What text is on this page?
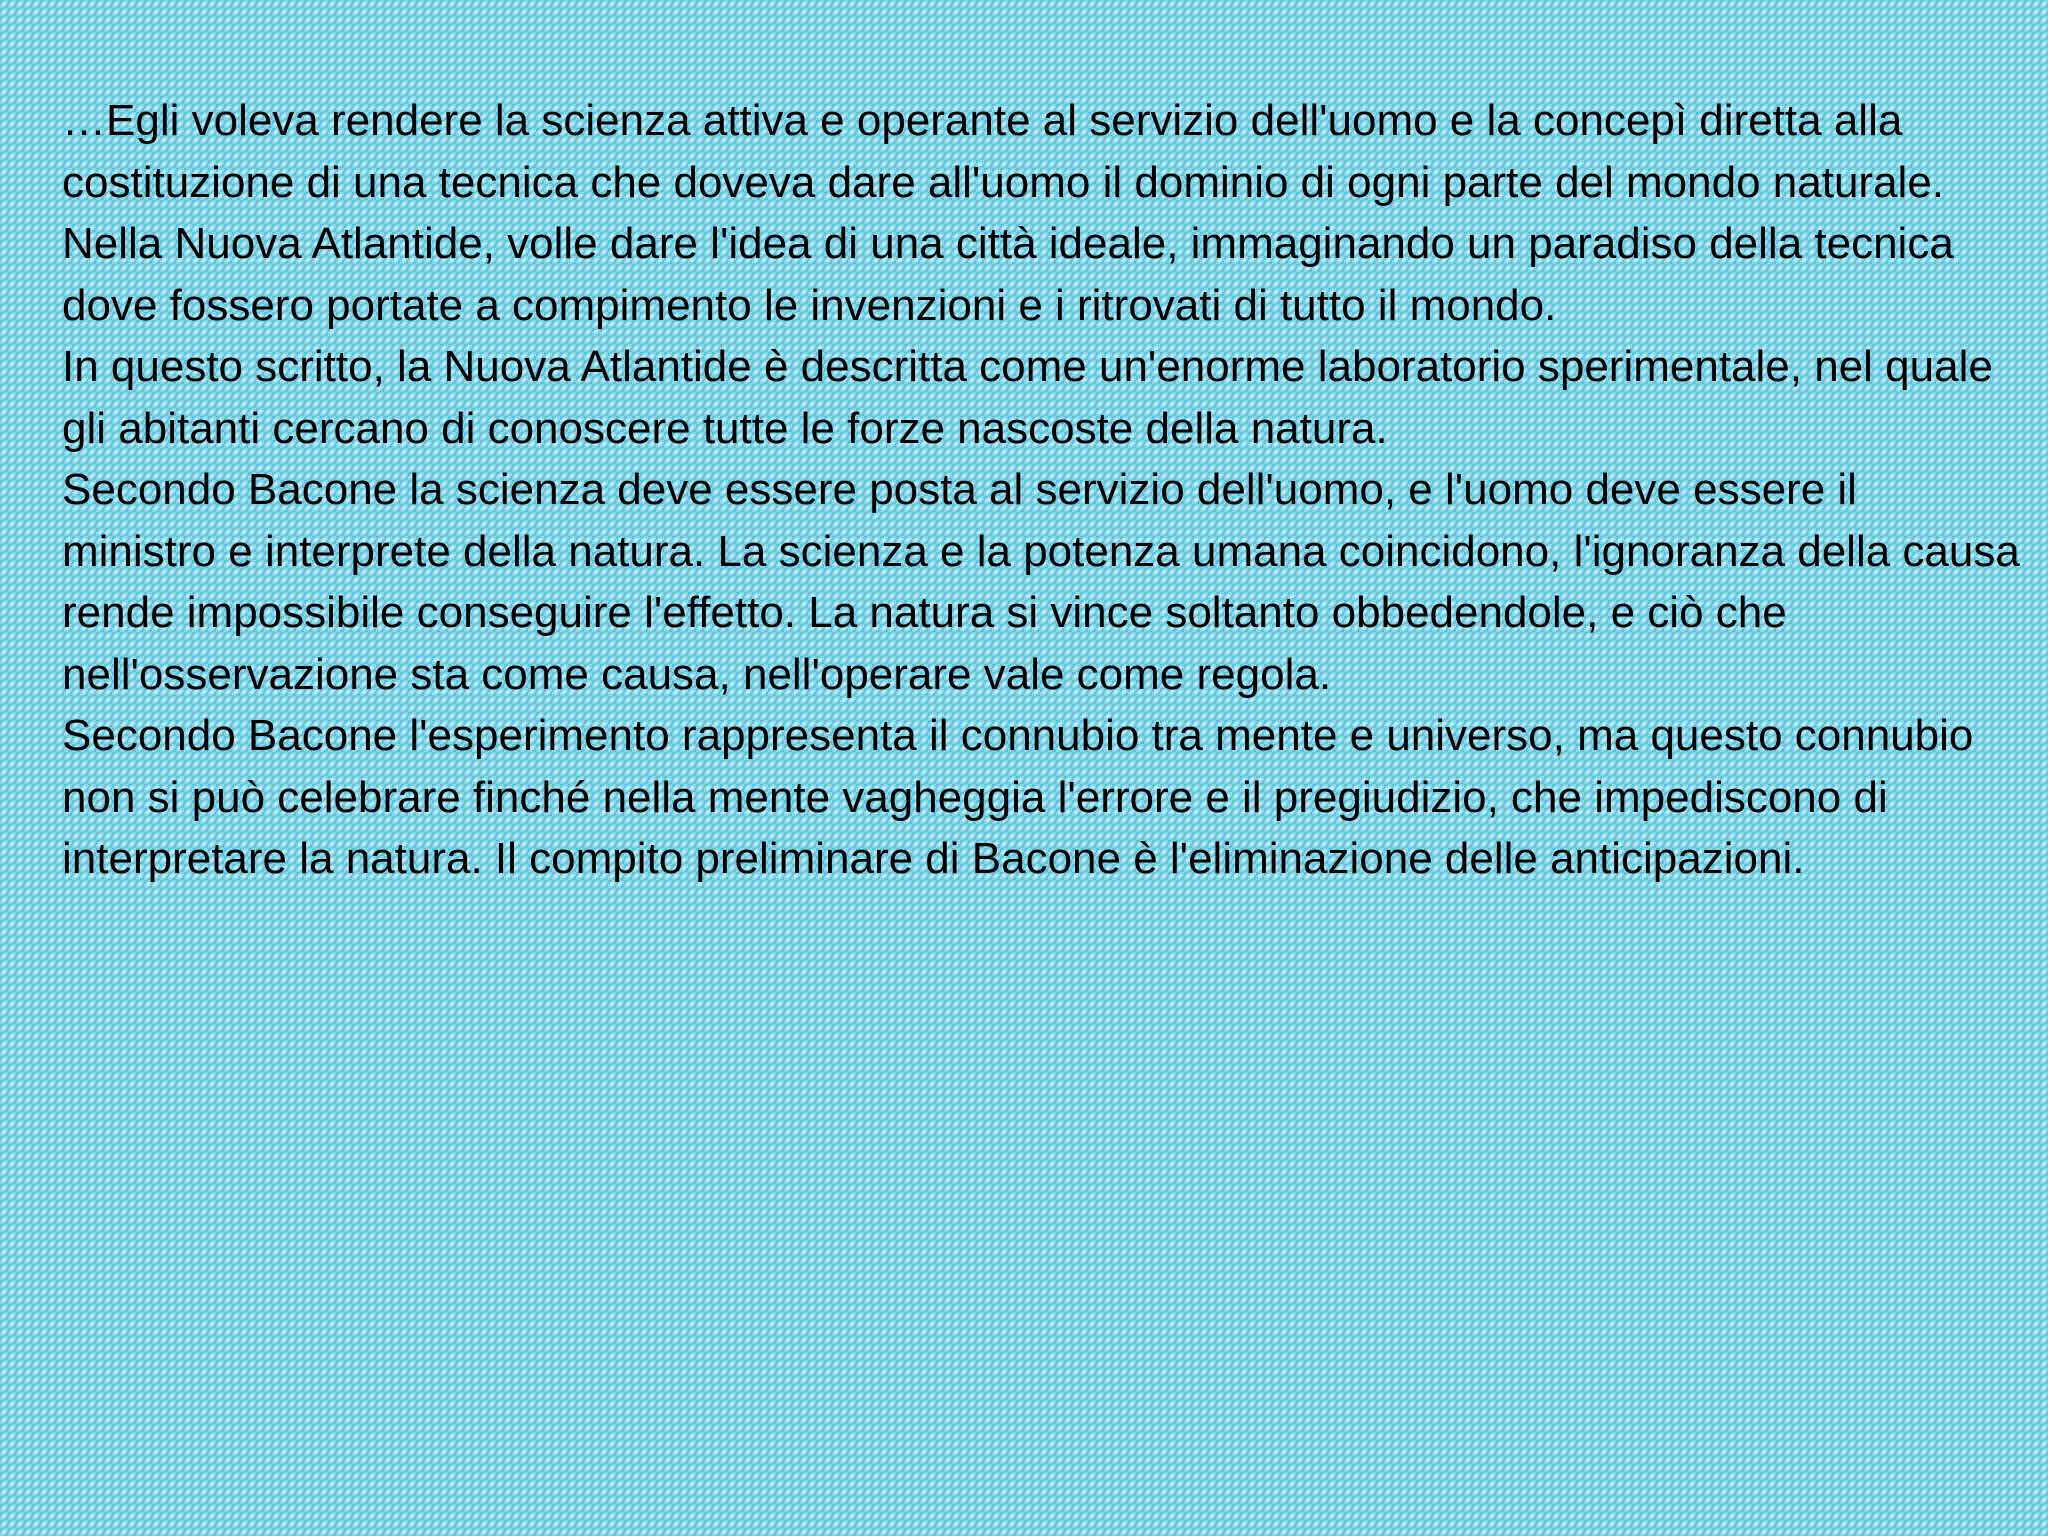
…Egli voleva rendere la scienza attiva e operante al servizio dell'uomo e la concepì diretta alla costituzione di una tecnica che doveva dare all'uomo il dominio di ogni parte del mondo naturale. Nella Nuova Atlantide, volle dare l'idea di una città ideale, immaginando un paradiso della tecnica dove fossero portate a compimento le invenzioni e i ritrovati di tutto il mondo.

In questo scritto, la Nuova Atlantide è descritta come un'enorme laboratorio sperimentale, nel quale gli abitanti cercano di conoscere tutte le forze nascoste della natura.

Secondo Bacone la scienza deve essere posta al servizio dell'uomo, e l'uomo deve essere il ministro e interprete della natura. La scienza e la potenza umana coincidono, l'ignoranza della causa rende impossibile conseguire l'effetto. La natura si vince soltanto obbedendole, e ciò che nell'osservazione sta come causa, nell'operare vale come regola.

Secondo Bacone l'esperimento rappresenta il connubio tra mente e universo, ma questo connubio non si può celebrare finché nella mente vagheggia l'errore e il pregiudizio, che impediscono di interpretare la natura. Il compito preliminare di Bacone è l'eliminazione delle anticipazioni.
